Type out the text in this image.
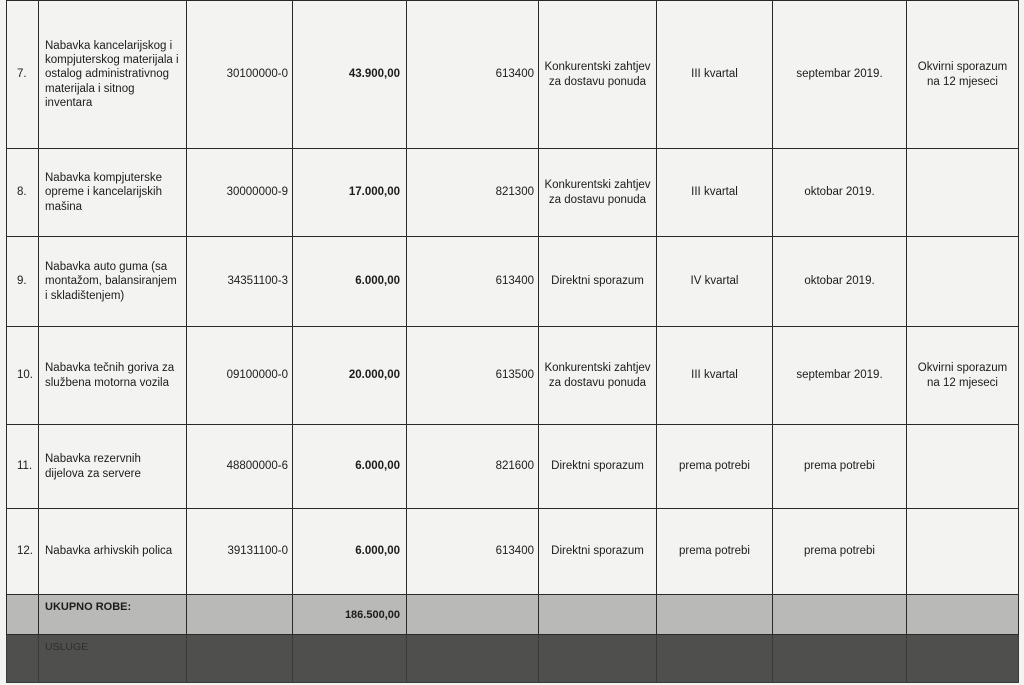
7.	Nabavka kancelarijskog i kompjuterskog materijala i ostalog administrativnog materijala i sitnog inventara	30100000-0	43.900,00	613400	Konkurentski zahtjev za dostavu ponuda	III kvartal	septembar 2019.	Okvirni sporazum na 12 mjeseci
8.	Nabavka kompjuterske opreme i kancelarijskih mašina	30000000-9	17.000,00	821300	Konkurentski zahtjev za dostavu ponuda	III kvartal	oktobar 2019.	
9.	Nabavka auto guma (sa montažom, balansiranjem i skladištenjem)	34351100-3	6.000,00	613400	Direktni sporazum	IV kvartal	oktobar 2019.	
10.	Nabavka tečnih goriva za službena motorna vozila	09100000-0	20.000,00	613500	Konkurentski zahtjev za dostavu ponuda	III kvartal	septembar 2019.	Okvirni sporazum na 12 mjeseci
11.	Nabavka rezervnih dijelova za servere	48800000-6	6.000,00	821600	Direktni sporazum	prema potrebi	prema potrebi	
12.	Nabavka arhivskih polica	39131100-0	6.000,00	613400	Direktni sporazum	prema potrebi	prema potrebi	
	UKUPNO ROBE:		186.500,00					
	USLUGE							
